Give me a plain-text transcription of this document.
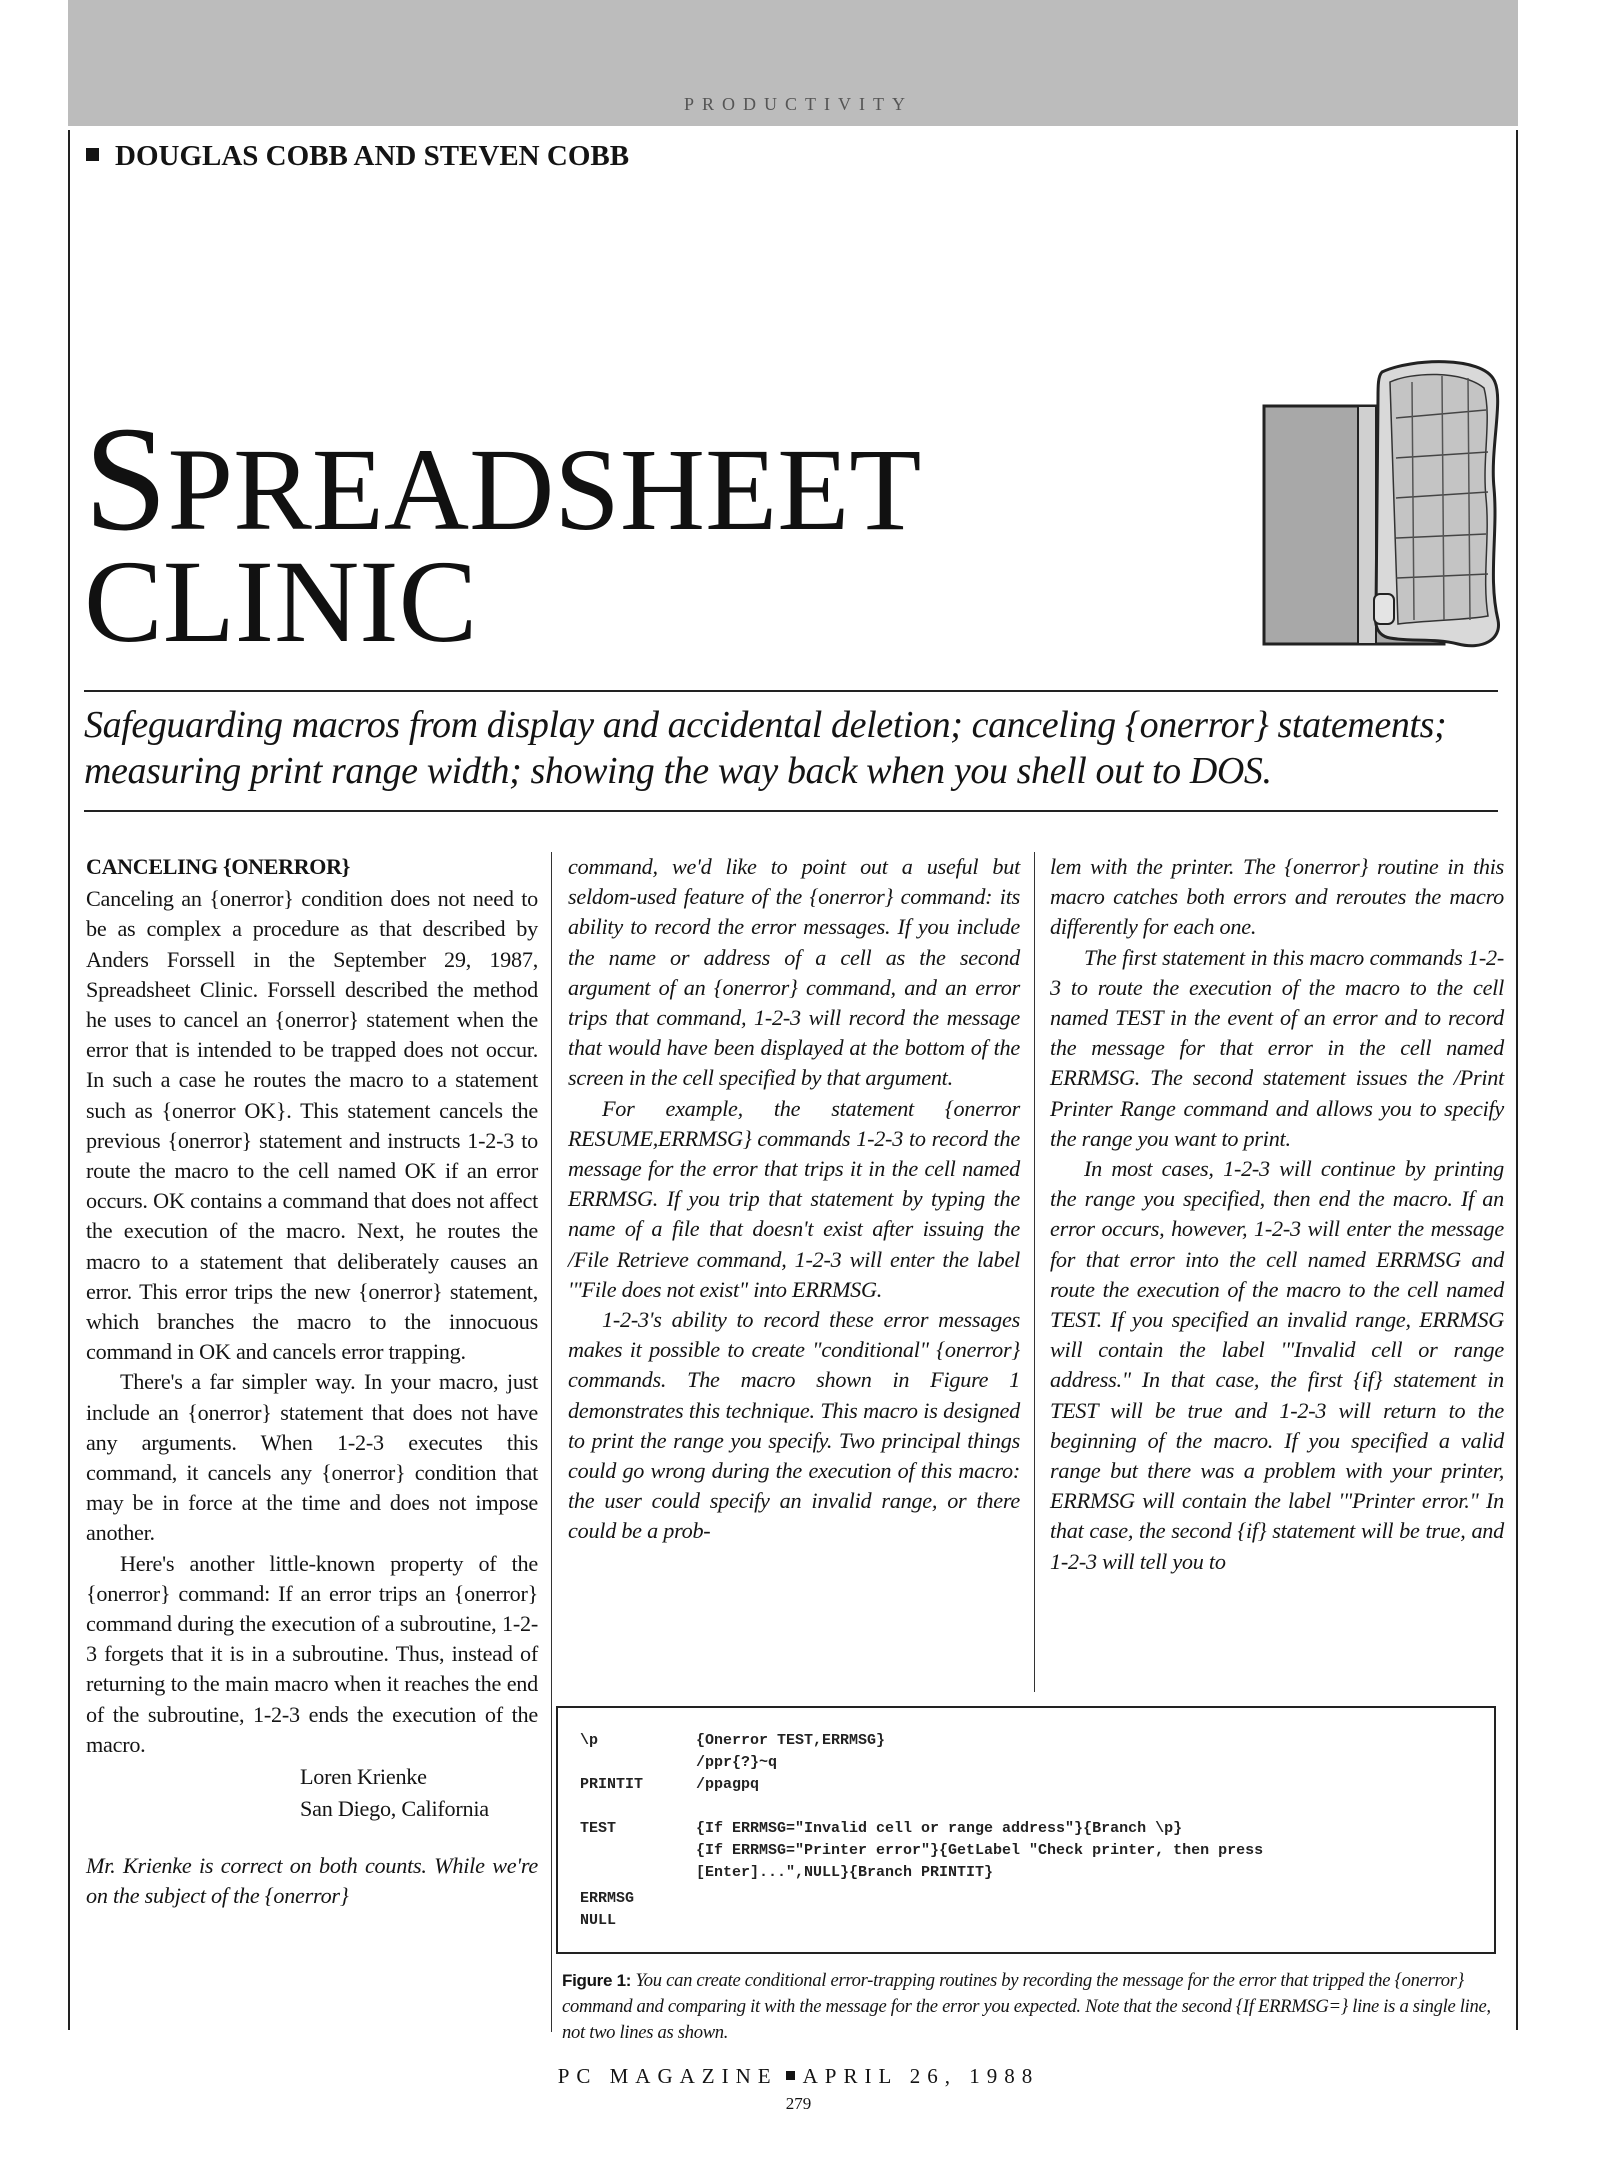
PRODUCTIVITY
DOUGLAS COBB AND STEVEN COBB
SPREADSHEET
CLINIC

Safeguarding macros from display and accidental deletion; canceling {onerror} statements;
measuring print range width; showing the way back when you shell out to DOS.

CANCELING {ONERROR}

Canceling an {onerror} condition does not need to be as complex a procedure as that described by Anders Forssell in the September 29, 1987, Spreadsheet Clinic. Forssell described the method he uses to cancel an {onerror} statement when the error that is intended to be trapped does not occur. In such a case he routes the macro to a statement such as {onerror OK}. This statement cancels the previous {onerror} statement and instructs 1-2-3 to route the macro to the cell named OK if an error occurs. OK contains a command that does not affect the execution of the macro. Next, he routes the macro to a statement that deliberately causes an error. This error trips the new {onerror} statement, which branches the macro to the innocuous command in OK and cancels error trapping.

There's a far simpler way. In your macro, just include an {onerror} statement that does not have any arguments. When 1-2-3 executes this command, it cancels any {onerror} condition that may be in force at the time and does not impose another.

Here's another little-known property of the {onerror} command: If an error trips an {onerror} command during the execution of a subroutine, 1-2-3 forgets that it is in a subroutine. Thus, instead of returning to the main macro when it reaches the end of the subroutine, 1-2-3 ends the execution of the macro.

Loren Krienke

San Diego, California

Mr. Krienke is correct on both counts. While we're on the subject of the {onerror}

command, we'd like to point out a useful but seldom-used feature of the {onerror} command: its ability to record the error messages. If you include the name or address of a cell as the second argument of an {onerror} command, and an error trips that command, 1-2-3 will record the message that would have been displayed at the bottom of the screen in the cell specified by that argument.

For example, the statement {onerror RESUME,ERRMSG} commands 1-2-3 to record the message for the error that trips it in the cell named ERRMSG. If you trip that statement by typing the name of a file that doesn't exist after issuing the /File Retrieve command, 1-2-3 will enter the label '"File does not exist" into ERRMSG.

1-2-3's ability to record these error messages makes it possible to create "conditional" {onerror} commands. The macro shown in Figure 1 demonstrates this technique. This macro is designed to print the range you specify. Two principal things could go wrong during the execution of this macro: the user could specify an invalid range, or there could be a prob-

lem with the printer. The {onerror} routine in this macro catches both errors and reroutes the macro differently for each one.

The first statement in this macro commands 1-2-3 to route the execution of the macro to the cell named TEST in the event of an error and to record the message for that error in the cell named ERRMSG. The second statement issues the /Print Printer Range command and allows you to specify the range you want to print.

In most cases, 1-2-3 will continue by printing the range you specified, then end the macro. If an error occurs, however, 1-2-3 will enter the message for that error into the cell named ERRMSG and route the execution of the macro to the cell named TEST. If you specified an invalid range, ERRMSG will contain the label '"Invalid cell or range address." In that case, the first {if} statement in TEST will be true and 1-2-3 will return to the beginning of the macro. If you specified a valid range but there was a problem with your printer, ERRMSG will contain the label '"Printer error." In that case, the second {if} statement will be true, and 1-2-3 will tell you to

\p	{Onerror TEST,ERRMSG}
/ppr{?}~q
PRINTIT	/ppagpq
TEST	{If ERRMSG="Invalid cell or range address"}{Branch \p}
{If ERRMSG="Printer error"}{GetLabel "Check printer, then press
[Enter]...",NULL}{Branch PRINTIT}
ERRMSG
NULL

Figure 1: You can create conditional error-trapping routines by recording the message for the error that tripped the {onerror} command and comparing it with the message for the error you expected. Note that the second {If ERRMSG=} line is a single line, not two lines as shown.

PC MAGAZINE APRIL 26, 1988
279
